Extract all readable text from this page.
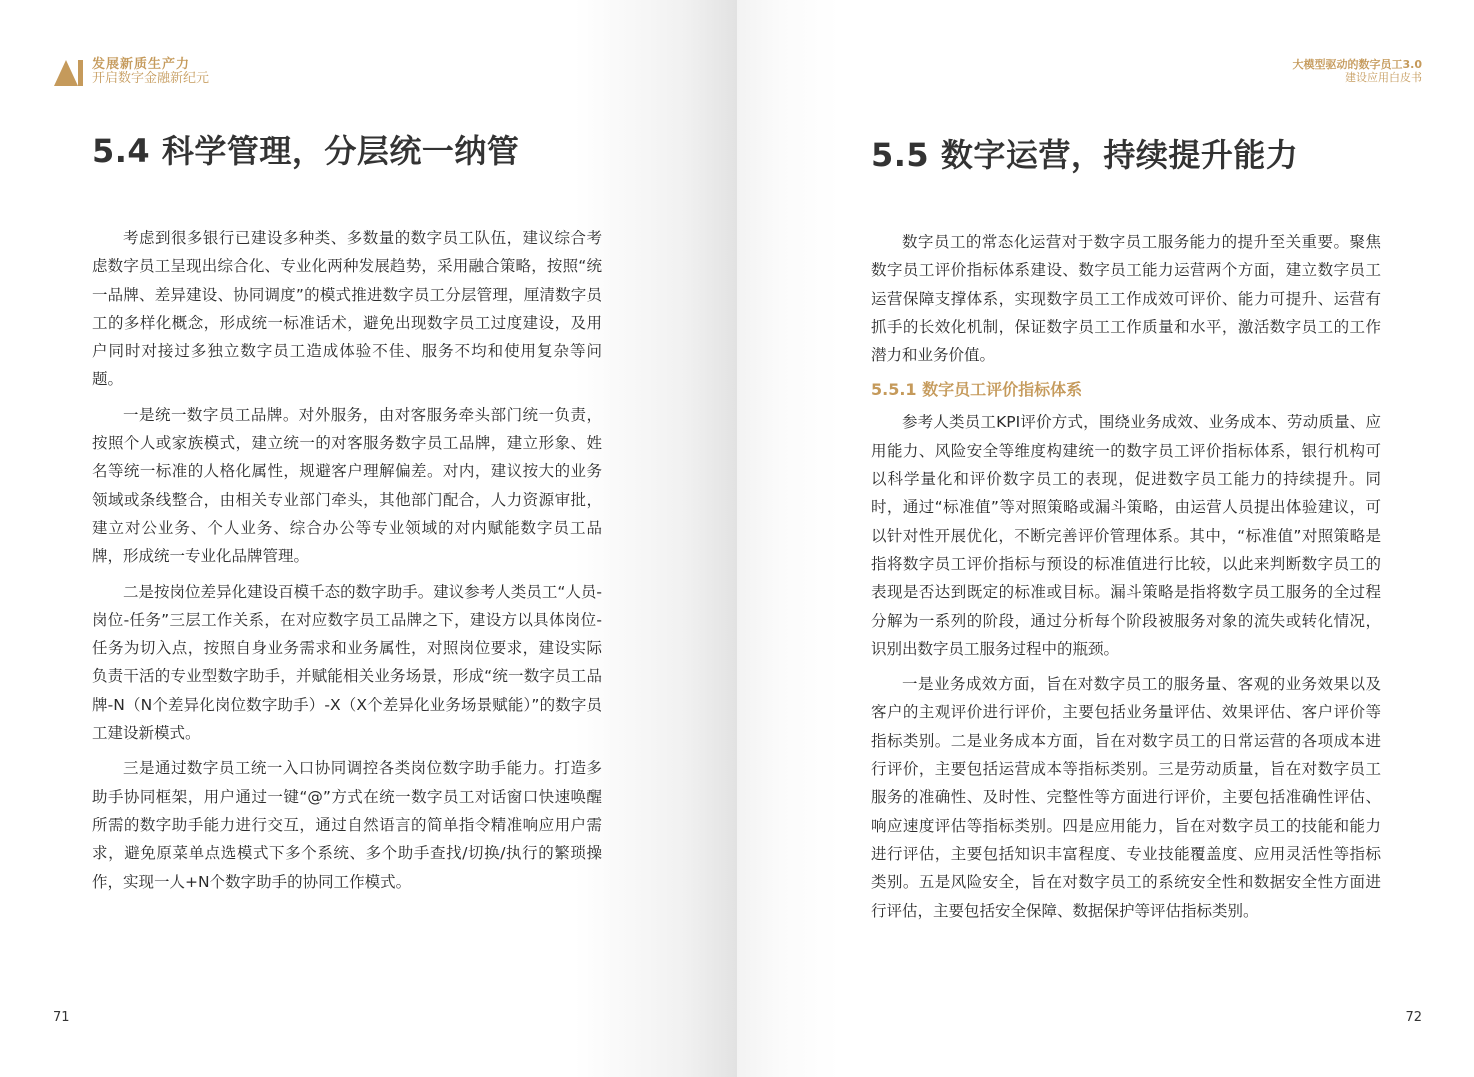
发展新质生产力
开启数字金融新纪元
5.4 科学管理，分层统一纳管

考虑到很多银行已建设多种类、多数量的数字员工队伍，建议综合考虑数字员工呈现出综合化、专业化两种发展趋势，采用融合策略，按照“统一品牌、差异建设、协同调度”的模式推进数字员工分层管理，厘清数字员工的多样化概念，形成统一标准话术，避免出现数字员工过度建设，及用户同时对接过多独立数字员工造成体验不佳、服务不均和使用复杂等问题。

一是统一数字员工品牌。对外服务，由对客服务牵头部门统一负责，按照个人或家族模式，建立统一的对客服务数字员工品牌，建立形象、姓名等统一标准的人格化属性，规避客户理解偏差。对内，建议按大的业务领域或条线整合，由相关专业部门牵头，其他部门配合，人力资源审批，建立对公业务、个人业务、综合办公等专业领域的对内赋能数字员工品牌，形成统一专业化品牌管理。

二是按岗位差异化建设百模千态的数字助手。建议参考人类员工“人员-岗位-任务”三层工作关系，在对应数字员工品牌之下，建设方以具体岗位-任务为切入点，按照自身业务需求和业务属性，对照岗位要求，建设实际负责干活的专业型数字助手，并赋能相关业务场景，形成“统一数字员工品牌-N（N个差异化岗位数字助手）-X（X个差异化业务场景赋能）”的数字员工建设新模式。

三是通过数字员工统一入口协同调控各类岗位数字助手能力。打造多助手协同框架，用户通过一键“@”方式在统一数字员工对话窗口快速唤醒所需的数字助手能力进行交互，通过自然语言的简单指令精准响应用户需求，避免原菜单点选模式下多个系统、多个助手查找/切换/执行的繁琐操作，实现一人+N个数字助手的协同工作模式。

71
大模型驱动的数字员工3.0
建设应用白皮书
5.5 数字运营，持续提升能力

数字员工的常态化运营对于数字员工服务能力的提升至关重要。聚焦数字员工评价指标体系建设、数字员工能力运营两个方面，建立数字员工运营保障支撑体系，实现数字员工工作成效可评价、能力可提升、运营有抓手的长效化机制，保证数字员工工作质量和水平，激活数字员工的工作潜力和业务价值。

5.5.1 数字员工评价指标体系

参考人类员工KPI评价方式，围绕业务成效、业务成本、劳动质量、应用能力、风险安全等维度构建统一的数字员工评价指标体系，银行机构可以科学量化和评价数字员工的表现，促进数字员工能力的持续提升。同时，通过“标准值”等对照策略或漏斗策略，由运营人员提出体验建议，可以针对性开展优化，不断完善评价管理体系。其中，“标准值”对照策略是指将数字员工评价指标与预设的标准值进行比较，以此来判断数字员工的表现是否达到既定的标准或目标。漏斗策略是指将数字员工服务的全过程分解为一系列的阶段，通过分析每个阶段被服务对象的流失或转化情况，识别出数字员工服务过程中的瓶颈。

一是业务成效方面，旨在对数字员工的服务量、客观的业务效果以及客户的主观评价进行评价，主要包括业务量评估、效果评估、客户评价等指标类别。二是业务成本方面，旨在对数字员工的日常运营的各项成本进行评价，主要包括运营成本等指标类别。三是劳动质量，旨在对数字员工服务的准确性、及时性、完整性等方面进行评价，主要包括准确性评估、响应速度评估等指标类别。四是应用能力，旨在对数字员工的技能和能力进行评估，主要包括知识丰富程度、专业技能覆盖度、应用灵活性等指标类别。五是风险安全，旨在对数字员工的系统安全性和数据安全性方面进行评估，主要包括安全保障、数据保护等评估指标类别。

72
